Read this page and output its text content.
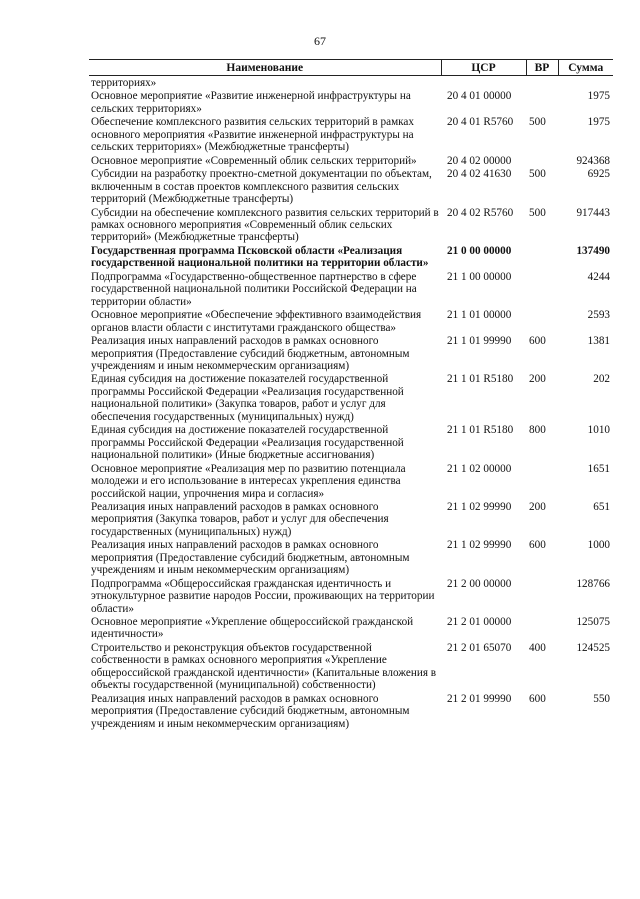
67
Наименование	ЦСР	ВР	Сумма
территориях»			
Основное мероприятие «Развитие инженерной инфраструктуры на сельских территориях»	20 4 01 00000		1975
Обеспечение комплексного развития сельских территорий в рамках основного мероприятия «Развитие инженерной инфраструктуры на сельских территориях» (Межбюджетные трансферты)	20 4 01 R5760	500	1975
Основное мероприятие «Современный облик сельских территорий»	20 4 02 00000		924368
Субсидии на разработку проектно-сметной документации по объектам, включенным в состав проектов комплексного развития сельских территорий (Межбюджетные трансферты)	20 4 02 41630	500	6925
Субсидии на обеспечение комплексного развития сельских территорий в рамках основного мероприятия «Современный облик сельских территорий» (Межбюджетные трансферты)	20 4 02 R5760	500	917443
Государственная программа Псковской области «Реализация государственной национальной политики на территории области»	21 0 00 00000		137490
Подпрограмма «Государственно-общественное партнерство в сфере государственной национальной политики Российской Федерации на территории области»	21 1 00 00000		4244
Основное мероприятие «Обеспечение эффективного взаимодействия органов власти области с институтами гражданского общества»	21 1 01 00000		2593
Реализация иных направлений расходов в рамках основного мероприятия (Предоставление субсидий бюджетным, автономным учреждениям и иным некоммерческим организациям)	21 1 01 99990	600	1381
Единая субсидия на достижение показателей государственной программы Российской Федерации «Реализация государственной национальной политики» (Закупка товаров, работ и услуг для обеспечения государственных (муниципальных) нужд)	21 1 01 R5180	200	202
Единая субсидия на достижение показателей государственной программы Российской Федерации «Реализация государственной национальной политики» (Иные бюджетные ассигнования)	21 1 01 R5180	800	1010
Основное мероприятие «Реализация мер по развитию потенциала молодежи и его использование в интересах укрепления единства российской нации, упрочнения мира и согласия»	21 1 02 00000		1651
Реализация иных направлений расходов в рамках основного мероприятия (Закупка товаров, работ и услуг для обеспечения государственных (муниципальных) нужд)	21 1 02 99990	200	651
Реализация иных направлений расходов в рамках основного мероприятия (Предоставление субсидий бюджетным, автономным учреждениям и иным некоммерческим организациям)	21 1 02 99990	600	1000
Подпрограмма «Общероссийская гражданская идентичность и этнокультурное развитие народов России, проживающих на территории области»	21 2 00 00000		128766
Основное мероприятие «Укрепление общероссийской гражданской идентичности»	21 2 01 00000		125075
Строительство и реконструкция объектов государственной собственности в рамках основного мероприятия «Укрепление общероссийской гражданской идентичности» (Капитальные вложения в объекты государственной (муниципальной) собственности)	21 2 01 65070	400	124525
Реализация иных направлений расходов в рамках основного мероприятия (Предоставление субсидий бюджетным, автономным учреждениям и иным некоммерческим организациям)	21 2 01 99990	600	550
